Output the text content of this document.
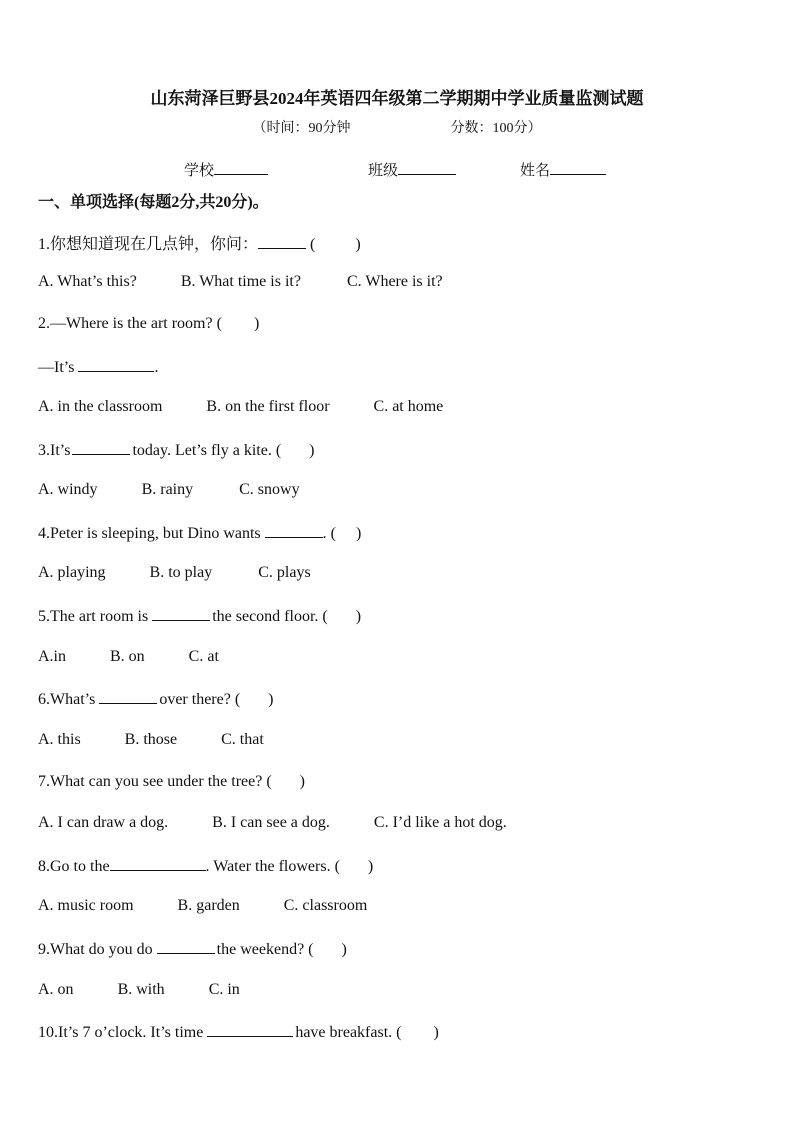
山东菏泽巨野县2024年英语四年级第二学期期中学业质量监测试题
（时间：90分钟	分数：100分）
学校	班级	姓名
一、单项选择(每题2分,共20分)。
1.你想知道现在几点钟，你问：	(          )
A. What’s this?	B. What time is it?	C. Where is it?
2.—Where is the art room? (        )
—It’s	.
A. in the classroom	B. on the first floor	C. at home
3.It’s	today. Let’s fly a kite. (       )
A. windy	B. rainy	C. snowy
4.Peter is sleeping, but Dino wants	. (     )
A. playing	B. to play	C. plays
5.The art room is	the second floor. (       )
A.in	B. on	C. at
6.What’s	over there? (       )
A. this	B. those	C. that
7.What can you see under the tree? (       )
A. I can draw a dog.	B. I can see a dog.	C. I’d like a hot dog.
8.Go to the	. Water the flowers. (       )
A. music room	B. garden	C. classroom
9.What do you do	the weekend? (       )
A. on	B. with	C. in
10.It’s 7 o’clock. It’s time	have breakfast. (        )
